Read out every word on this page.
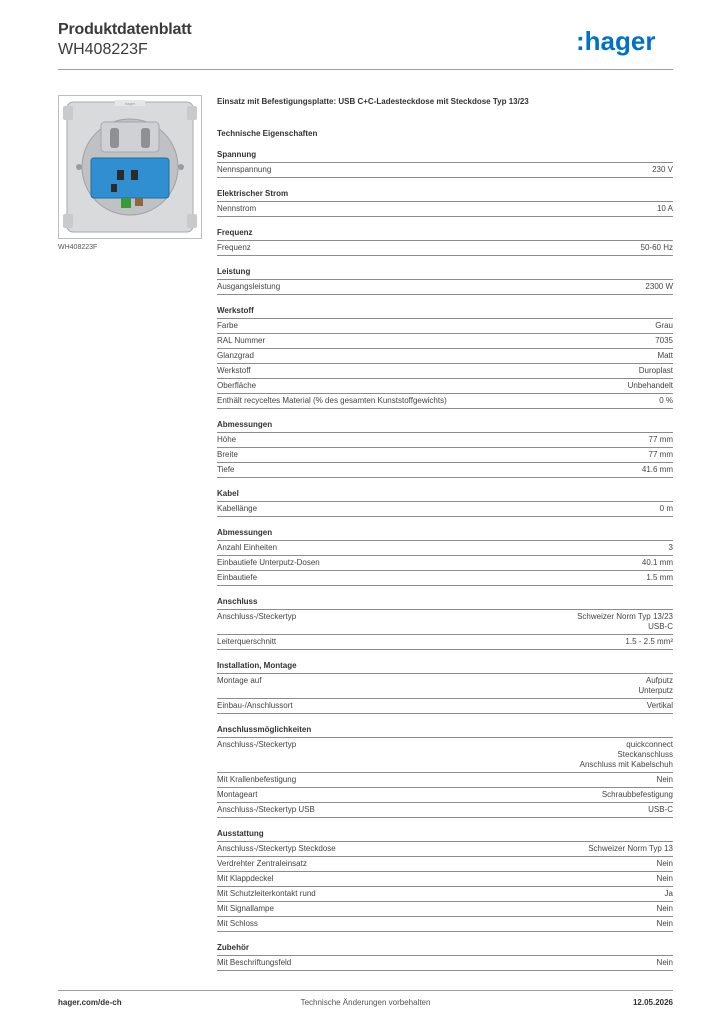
Produktdatenblatt
WH408223F	:hager
hager
WH408223F
Einsatz mit Befestigungsplatte: USB C+C-Ladesteckdose mit Steckdose Typ 13/23
Technische Eigenschaften
Spannung
Nennspannung	230 V
Elektrischer Strom
Nennstrom	10 A
Frequenz
Frequenz	50-60 Hz
Leistung
Ausgangsleistung	2300 W
Werkstoff
Farbe	Grau
RAL Nummer	7035
Glanzgrad	Matt
Werkstoff	Duroplast
Oberfläche	Unbehandelt
Enthält recyceltes Material (% des gesamten Kunststoffgewichts)	0 %
Abmessungen
Höhe	77 mm
Breite	77 mm
Tiefe	41.6 mm
Kabel
Kabellänge	0 m
Abmessungen
Anzahl Einheiten	3
Einbautiefe Unterputz-Dosen	40.1 mm
Einbautiefe	1.5 mm
Anschluss
Anschluss-/Steckertyp	Schweizer Norm Typ 13/23
USB-C
Leiterquerschnitt	1.5 - 2.5 mm²
Installation, Montage
Montage auf	Aufputz
Unterputz
Einbau-/Anschlussort	Vertikal
Anschlussmöglichkeiten
Anschluss-/Steckertyp	quickconnect
Steckanschluss
Anschluss mit Kabelschuh
Mit Krallenbefestigung	Nein
Montageart	Schraubbefestigung
Anschluss-/Steckertyp USB	USB-C
Ausstattung
Anschluss-/Steckertyp Steckdose	Schweizer Norm Typ 13
Verdrehter Zentraleinsatz	Nein
Mit Klappdeckel	Nein
Mit Schutzleiterkontakt rund	Ja
Mit Signallampe	Nein
Mit Schloss	Nein
Zubehör
Mit Beschriftungsfeld	Nein
hager.com/de-ch	Technische Änderungen vorbehalten	12.05.2026
